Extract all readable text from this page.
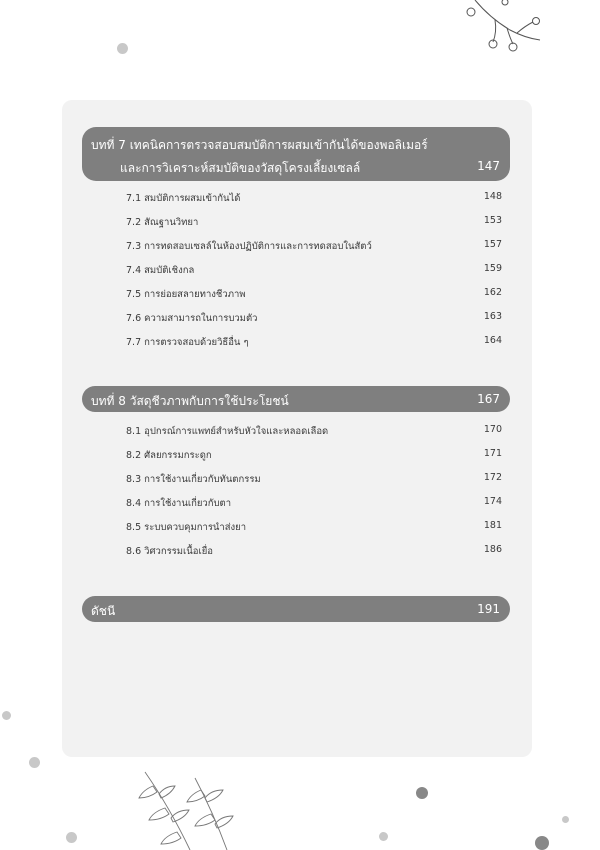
บทที่ 7 เทคนิคการตรวจสอบสมบัติการผสมเข้ากันได้ของพอลิเมอร์
และการวิเคราะห์สมบัติของวัสดุโครงเลี้ยงเซลล์	147
7.1 สมบัติการผสมเข้ากันได้	148
7.2 สัณฐานวิทยา	153
7.3 การทดสอบเซลล์ในห้องปฏิบัติการและการทดสอบในสัตว์	157
7.4 สมบัติเชิงกล	159
7.5 การย่อยสลายทางชีวภาพ	162
7.6 ความสามารถในการบวมตัว	163
7.7 การตรวจสอบด้วยวิธีอื่น ๆ	164
บทที่ 8 วัสดุชีวภาพกับการใช้ประโยชน์	167
8.1 อุปกรณ์การแพทย์สำหรับหัวใจและหลอดเลือด	170
8.2 ศัลยกรรมกระดูก	171
8.3 การใช้งานเกี่ยวกับทันตกรรม	172
8.4 การใช้งานเกี่ยวกับตา	174
8.5 ระบบควบคุมการนำส่งยา	181
8.6 วิศวกรรมเนื้อเยื่อ	186
ดัชนี	191
